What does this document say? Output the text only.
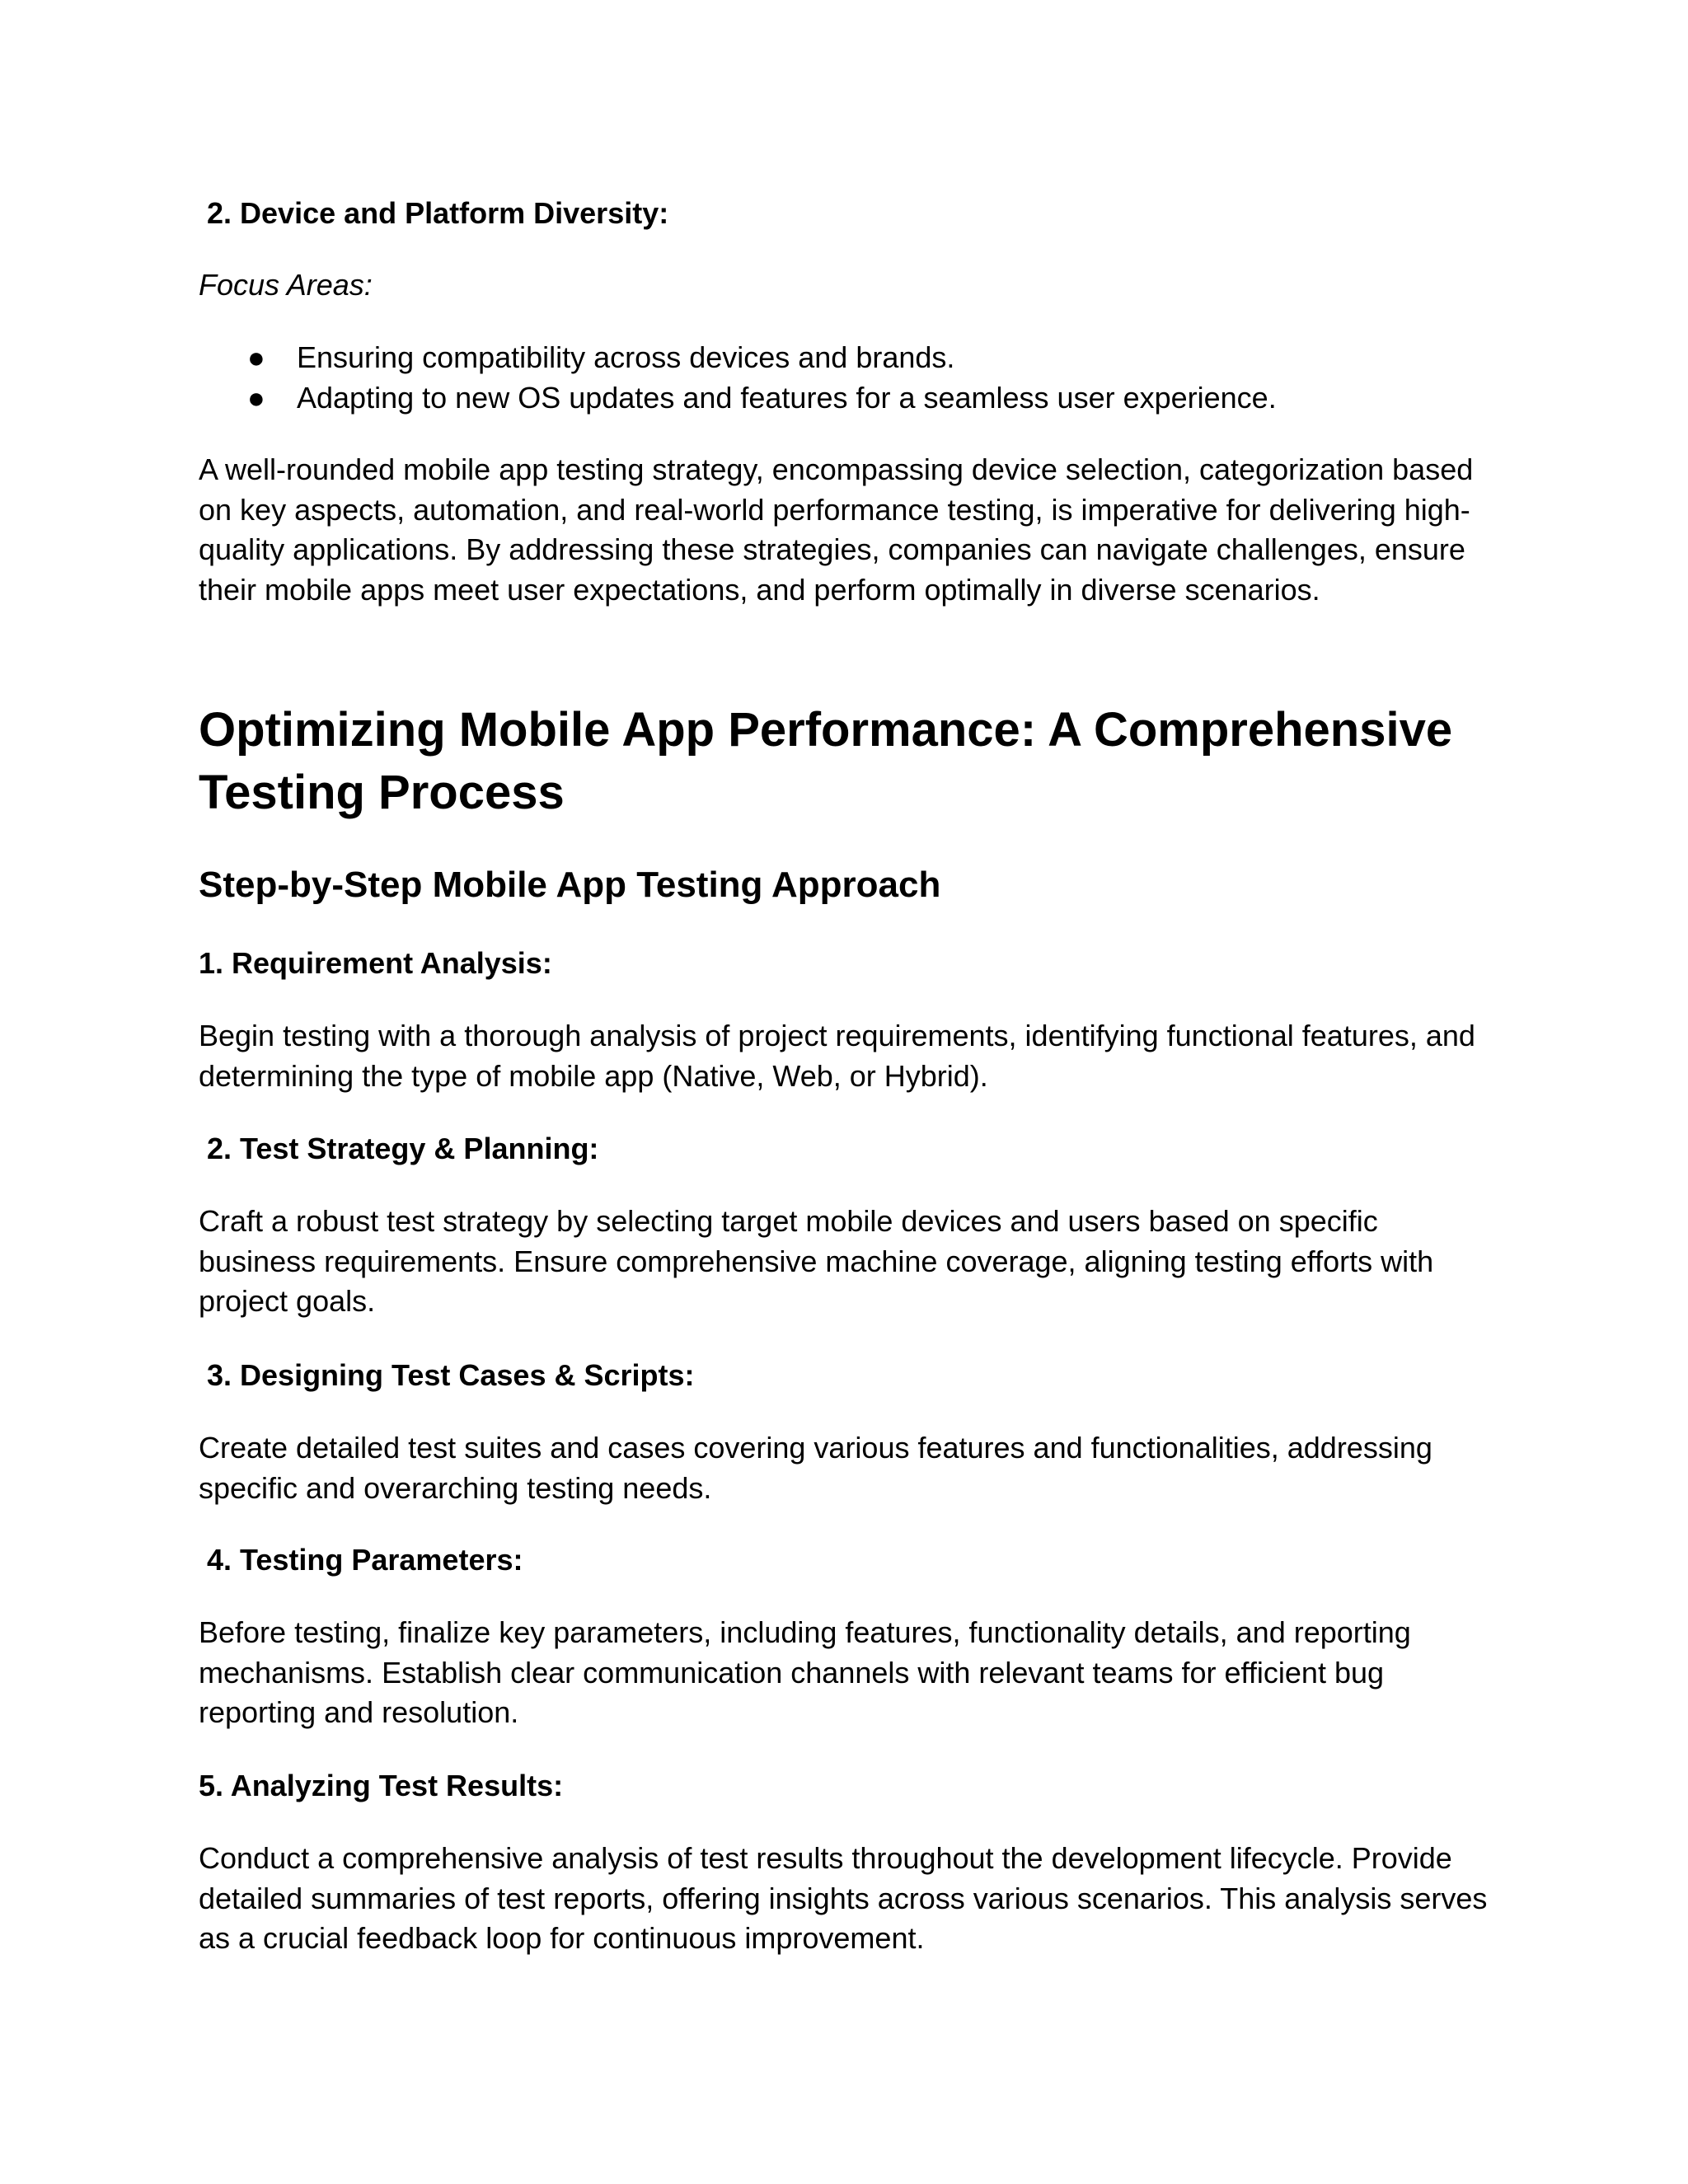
2. Device and Platform Diversity:
Focus Areas:
● Ensuring compatibility across devices and brands.
● Adapting to new OS updates and features for a seamless user experience.

A well-rounded mobile app testing strategy, encompassing device selection, categorization based on key aspects, automation, and real-world performance testing, is imperative for delivering high-quality applications. By addressing these strategies, companies can navigate challenges, ensure their mobile apps meet user expectations, and perform optimally in diverse scenarios.

Optimizing Mobile App Performance: A Comprehensive Testing Process
Step-by-Step Mobile App Testing Approach
1. Requirement Analysis:

Begin testing with a thorough analysis of project requirements, identifying functional features, and determining the type of mobile app (Native, Web, or Hybrid).

2. Test Strategy & Planning:

Craft a robust test strategy by selecting target mobile devices and users based on specific business requirements. Ensure comprehensive machine coverage, aligning testing efforts with project goals.

3. Designing Test Cases & Scripts:

Create detailed test suites and cases covering various features and functionalities, addressing specific and overarching testing needs.

4. Testing Parameters:

Before testing, finalize key parameters, including features, functionality details, and reporting mechanisms. Establish clear communication channels with relevant teams for efficient bug reporting and resolution.

5. Analyzing Test Results:

Conduct a comprehensive analysis of test results throughout the development lifecycle. Provide detailed summaries of test reports, offering insights across various scenarios. This analysis serves as a crucial feedback loop for continuous improvement.
